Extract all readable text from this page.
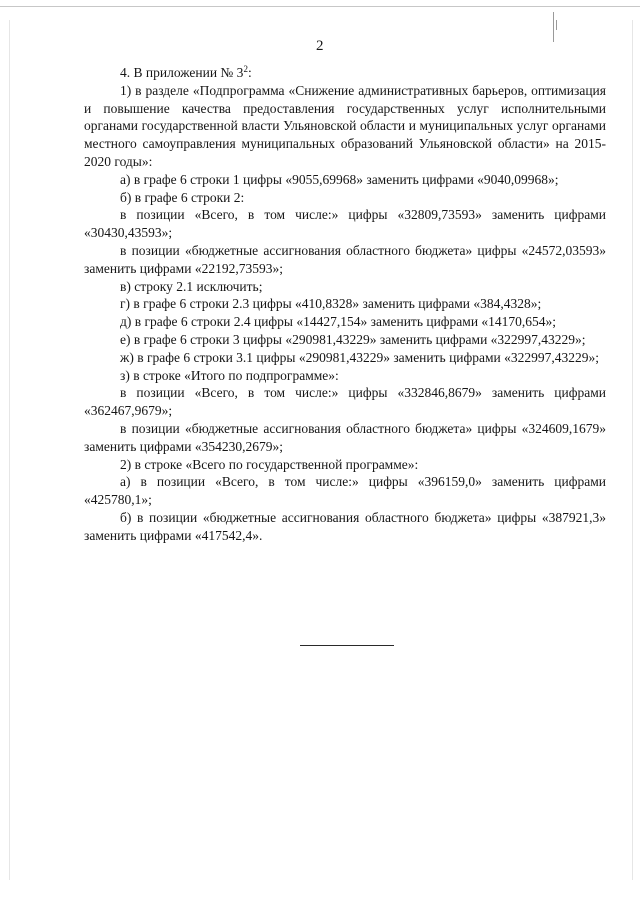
2

4. В приложении № $3^2$:

1) в разделе «Подпрограмма «Снижение административных барьеров, оптимизация и повышение качества предоставления государственных услуг исполнительными органами государственной власти Ульяновской области и муниципальных услуг органами местного самоуправления муниципальных образований Ульяновской области» на 2015-2020 годы»:

а) в графе 6 строки 1 цифры «9055,69968» заменить цифрами «9040,09968»;

б) в графе 6 строки 2:

в позиции «Всего, в том числе:» цифры «32809,73593» заменить цифрами «30430,43593»;

в позиции «бюджетные ассигнования областного бюджета» цифры «24572,03593» заменить цифрами «22192,73593»;

в) строку 2.1 исключить;

г) в графе 6 строки 2.3 цифры «410,8328» заменить цифрами «384,4328»;

д) в графе 6 строки 2.4 цифры «14427,154» заменить цифрами «14170,654»;

е) в графе 6 строки 3 цифры «290981,43229» заменить цифрами «322997,43229»;

ж) в графе 6 строки 3.1 цифры «290981,43229» заменить цифрами «322997,43229»;

з) в строке «Итого по подпрограмме»:

в позиции «Всего, в том числе:» цифры «332846,8679» заменить цифрами «362467,9679»;

в позиции «бюджетные ассигнования областного бюджета» цифры «324609,1679» заменить цифрами «354230,2679»;

2) в строке «Всего по государственной программе»:

а) в позиции «Всего, в том числе:» цифры «396159,0» заменить цифрами «425780,1»;

б) в позиции «бюджетные ассигнования областного бюджета» цифры «387921,3» заменить цифрами «417542,4».
